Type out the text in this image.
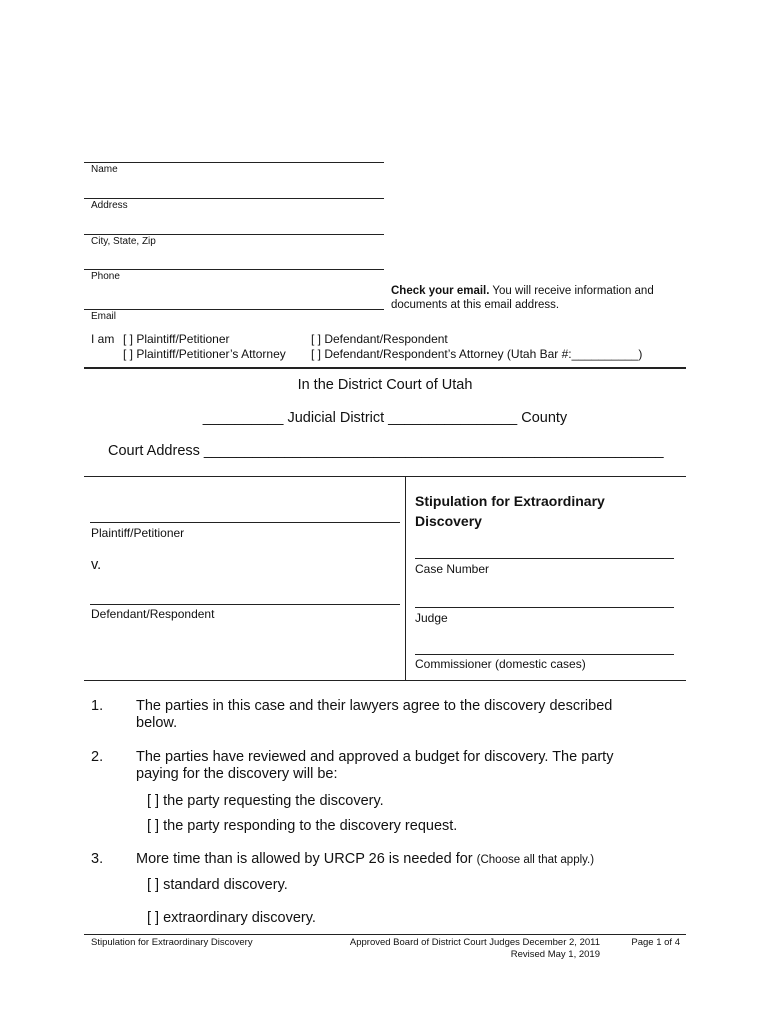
Name
Address
City, State, Zip
Phone
Check your email. You will receive information and
documents at this email address.
Email
I am [ ] Plaintiff/Petitioner	[ ] Defendant/Respondent
[ ] Plaintiff/Petitioner’s Attorney [ ] Defendant/Respondent’s Attorney (Utah Bar #:__________)
In the District Court of Utah
__________ Judicial District ________________ County
Court Address _________________________________________________________
Plaintiff/Petitioner
v.
Defendant/Respondent
Stipulation for Extraordinary
Discovery
Case Number
Judge
Commissioner (domestic cases)
1. The parties in this case and their lawyers agree to the discovery described
below.
2. The parties have reviewed and approved a budget for discovery. The party
paying for the discovery will be:
[ ] the party requesting the discovery.
[ ] the party responding to the discovery request.
3. More time than is allowed by URCP 26 is needed for (Choose all that apply.)
[ ] standard discovery.
[ ] extraordinary discovery.
Stipulation for Extraordinary Discovery	Approved Board of District Court Judges December 2, 2011
Revised May 1, 2019
Page 1 of 4
